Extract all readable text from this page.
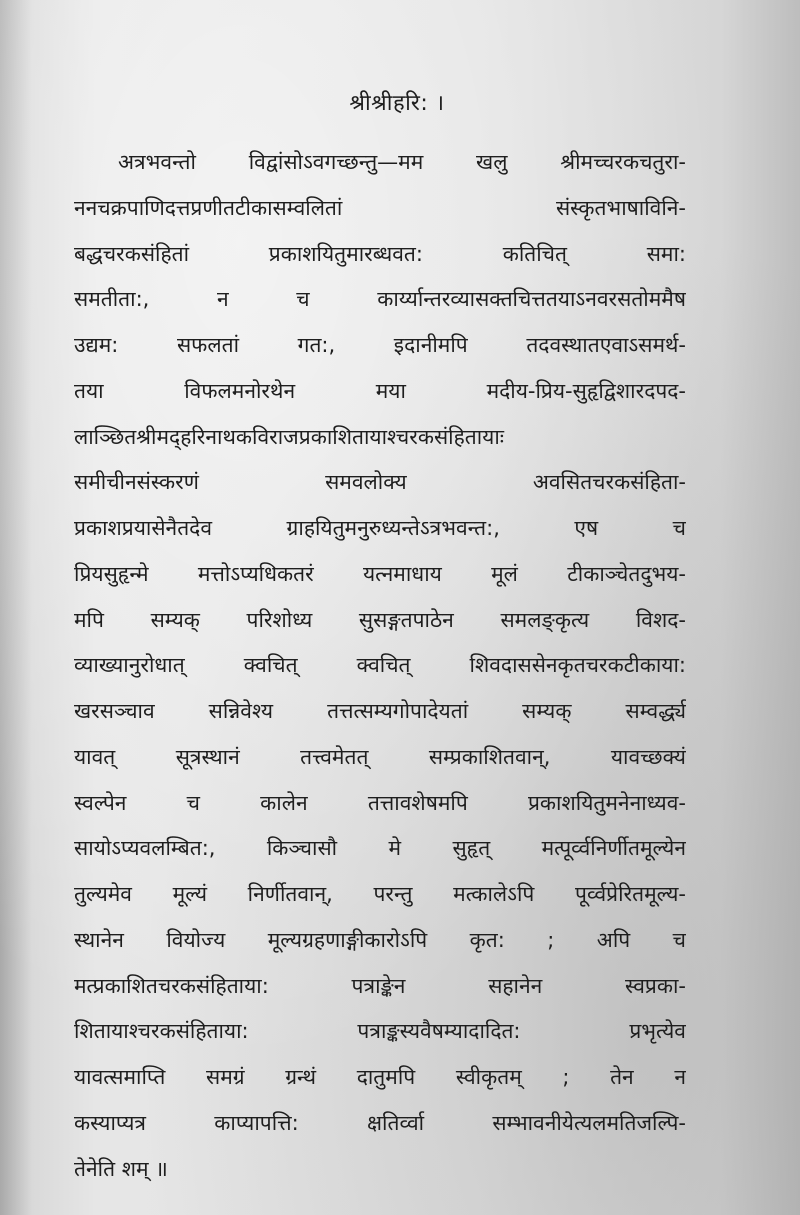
श्रीश्रीहरि: ।
अत्रभवन्तो विद्वांसोऽवगच्छन्तु—मम खलु श्रीमच्चरकचतुरा-
ननचक्रपाणिदत्तप्रणीतटीकासम्वलितां संस्कृतभाषाविनि-
बद्धचरकसंहितां प्रकाशयितुमारब्धवत: कतिचित् समा:
समतीता:, न च कार्य्यान्तरव्यासक्तचित्ततयाऽनवरसतोममैष
उद्यम: सफलतां गत:, इदानीमपि तदवस्थातएवाऽसमर्थ-
तया विफलमनोरथेन मया मदीय-प्रिय-सुहृद्विशारदपद-
लाञ्छितश्रीमद्हरिनाथकविराजप्रकाशितायाश्चरकसंहितायाः
समीचीनसंस्करणं समवलोक्य अवसितचरकसंहिता-
प्रकाशप्रयासेनैतदेव ग्राहयितुमनुरुध्यन्तेऽत्रभवन्त:, एष च
प्रियसुहृन्मे मत्तोऽप्यधिकतरं यत्नमाधाय मूलं टीकाञ्चेतदुभय-
मपि सम्यक् परिशोध्य सुसङ्गतपाठेन समलङ्कृत्य विशद-
व्याख्यानुरोधात् क्वचित् क्वचित् शिवदाससेनकृतचरकटीकाया:
खरसञ्चाव सन्निवेश्य तत्तत्सम्यगोपादेयतां सम्यक् सम्वर्द्ध्य
यावत् सूत्रस्थानं तत्त्वमेतत् सम्प्रकाशितवान्, यावच्छक्यं
स्वल्पेन च कालेन तत्तावशेषमपि प्रकाशयितुमनेनाध्यव-
सायोऽप्यवलम्बित:, किञ्चासौ मे सुहृत् मत्पूर्व्वनिर्णीतमूल्येन
तुल्यमेव मूल्यं निर्णीतवान्, परन्तु मत्कालेऽपि पूर्व्वप्रेरितमूल्य-
स्थानेन वियोज्य मूल्यग्रहणाङ्गीकारोऽपि कृत: ; अपि च
मत्प्रकाशितचरकसंहिताया: पत्राङ्केन सहानेन स्वप्रका-
शितायाश्चरकसंहिताया: पत्राङ्कस्यवैषम्यादादित: प्रभृत्येव
यावत्समाप्ति समग्रं ग्रन्थं दातुमपि स्वीकृतम् ; तेन न
कस्याप्यत्र काप्यापत्ति: क्षतिर्व्वा सम्भावनीयेत्यलमतिजल्पि-
तेनेति शम् ॥
